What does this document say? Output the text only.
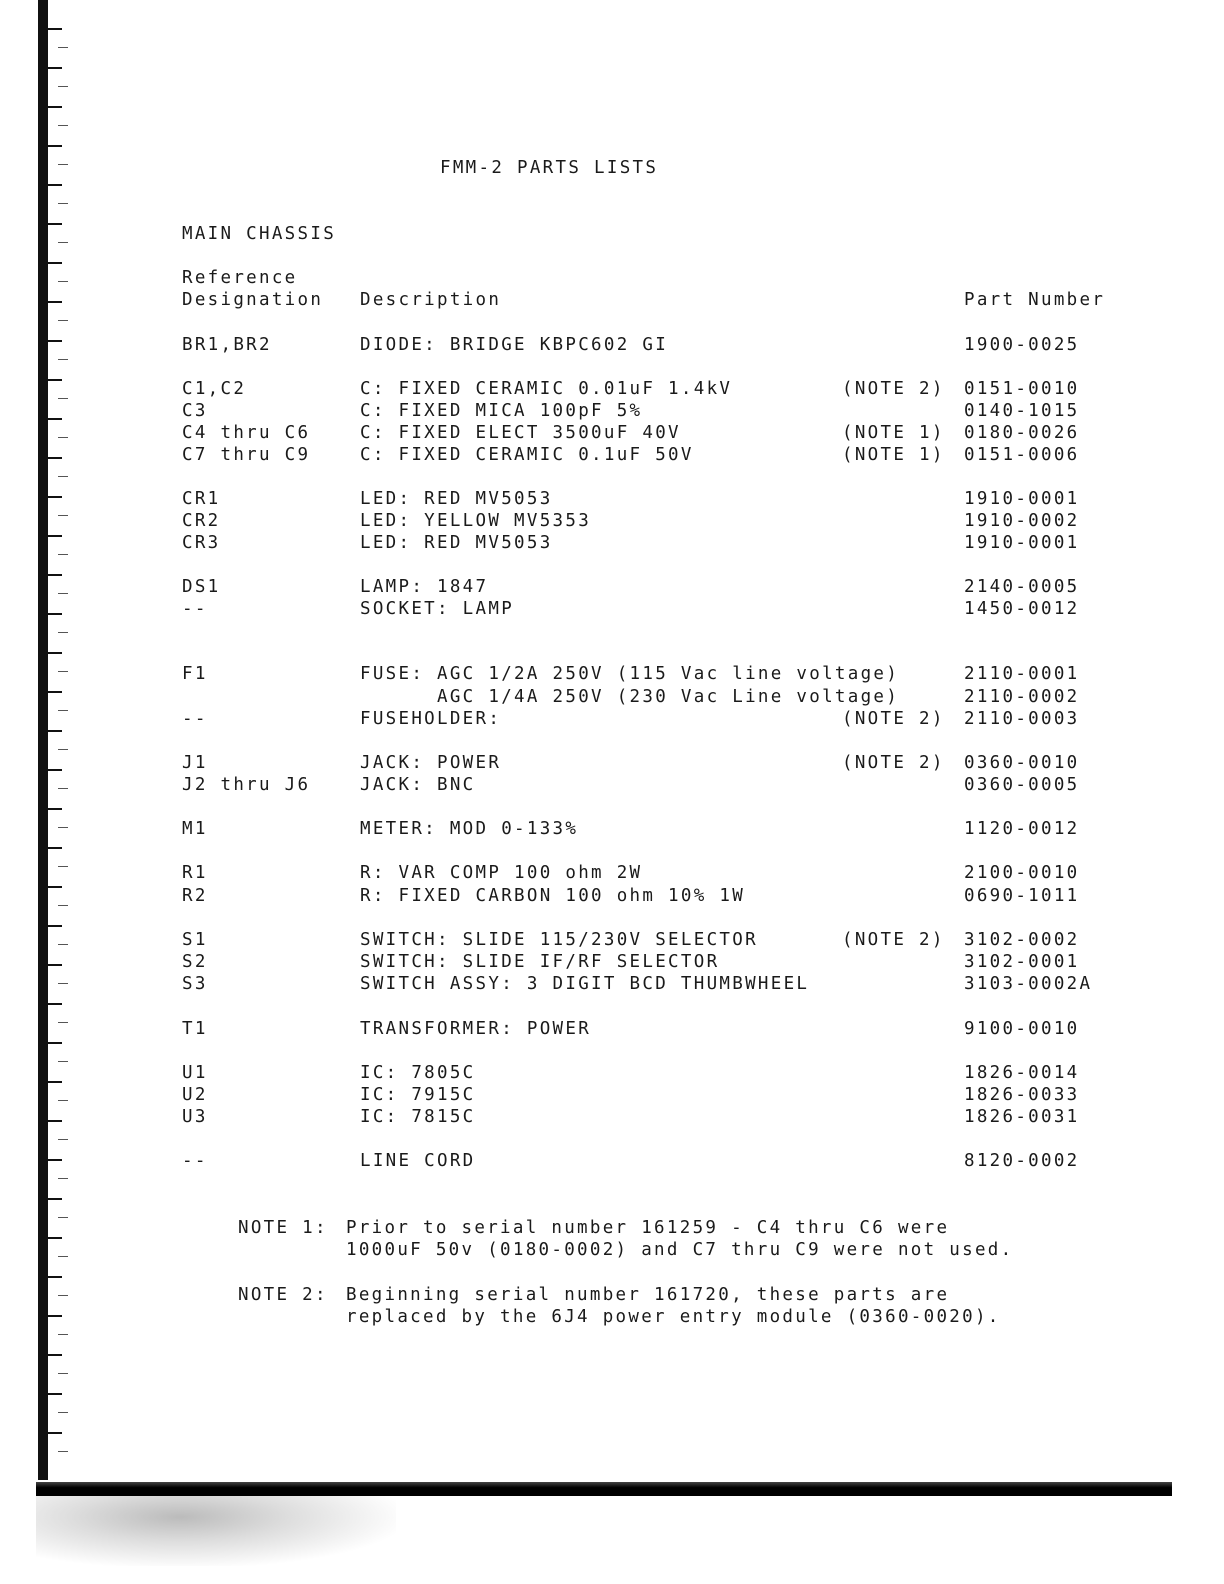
FMM-2 PARTS LISTS
MAIN CHASSIS
Reference
Designation Description	Part Number
BR1,BR2	DIODE: BRIDGE KBPC602 GI	1900-0025
C1,C2	C: FIXED CERAMIC 0.01uF 1.4kV	(NOTE 2) 0151-0010
C3	C: FIXED MICA 100pF 5%	0140-1015
C4 thru C6	C: FIXED ELECT 3500uF 40V	(NOTE 1) 0180-0026
C7 thru C9	C: FIXED CERAMIC 0.1uF 50V	(NOTE 1) 0151-0006
CR1	LED: RED MV5053	1910-0001
CR2	LED: YELLOW MV5353	1910-0002
CR3	LED: RED MV5053	1910-0001
DS1	LAMP: 1847	2140-0005
--	SOCKET: LAMP	1450-0012
F1	FUSE: AGC 1/2A 250V (115 Vac line voltage)	2110-0001
AGC 1/4A 250V (230 Vac Line voltage)	2110-0002
--	FUSEHOLDER:	(NOTE 2) 2110-0003
J1	JACK: POWER	(NOTE 2) 0360-0010
J2 thru J6	JACK: BNC	0360-0005
M1	METER: MOD 0-133%	1120-0012
R1	R: VAR COMP 100 ohm 2W	2100-0010
R2	R: FIXED CARBON 100 ohm 10% 1W	0690-1011
S1	SWITCH: SLIDE 115/230V SELECTOR	(NOTE 2) 3102-0002
S2	SWITCH: SLIDE IF/RF SELECTOR	3102-0001
S3	SWITCH ASSY: 3 DIGIT BCD THUMBWHEEL	3103-0002A
T1	TRANSFORMER: POWER	9100-0010
U1	IC: 7805C	1826-0014
U2	IC: 7915C	1826-0033
U3	IC: 7815C	1826-0031
--	LINE CORD	8120-0002
NOTE 1: Prior to serial number 161259 - C4 thru C6 were
1000uF 50v (0180-0002) and C7 thru C9 were not used.
NOTE 2: Beginning serial number 161720, these parts are
replaced by the 6J4 power entry module (0360-0020).
